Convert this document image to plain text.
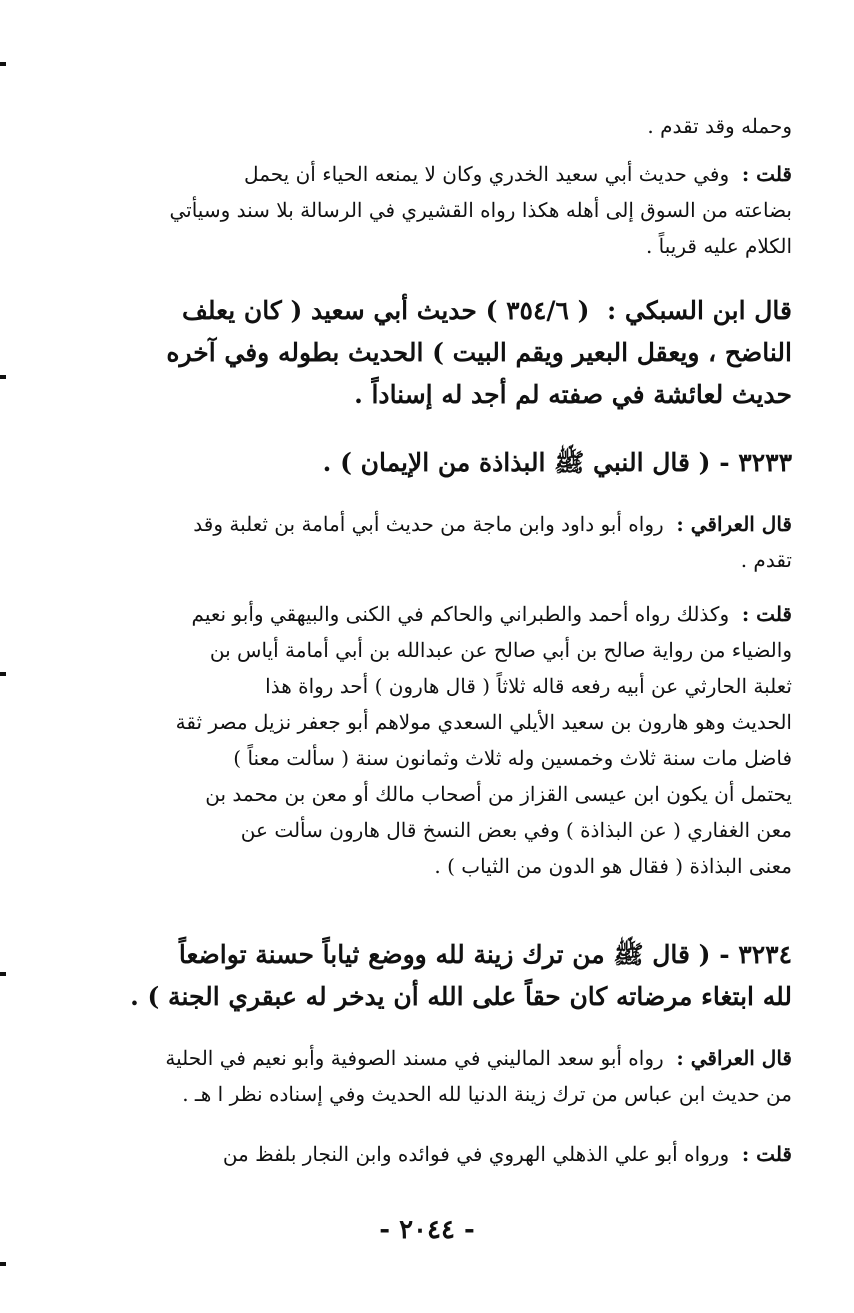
وحمله وقد تقدم .
قلت :  وفي حديث أبي سعيد الخدري وكان لا يمنعه الحياء أن يحمل
بضاعته من السوق إلى أهله هكذا رواه القشيري في الرسالة بلا سند وسيأتي
الكلام عليه قريباً .
قال ابن السبكي :  ( ٣٥٤/٦ ) حديث أبي سعيد ( كان يعلف
الناضح ، ويعقل البعير ويقم البيت ) الحديث بطوله وفي آخره
حديث لعائشة في صفته لم أجد له إسناداً .
٣٢٣٣ - ( قال النبي ﷺ البذاذة من الإيمان ) .
قال العراقي :  رواه أبو داود وابن ماجة من حديث أبي أمامة بن ثعلبة وقد
تقدم .
قلت :  وكذلك رواه أحمد والطبراني والحاكم في الكنى والبيهقي وأبو نعيم
والضياء من رواية صالح بن أبي صالح عن عبدالله بن أبي أمامة أياس بن
ثعلبة الحارثي عن أبيه رفعه قاله ثلاثاً ( قال هارون ) أحد رواة هذا
الحديث وهو هارون بن سعيد الأيلي السعدي مولاهم أبو جعفر نزيل مصر ثقة
فاضل مات سنة ثلاث وخمسين وله ثلاث وثمانون سنة ( سألت معناً )
يحتمل أن يكون ابن عيسى القزاز من أصحاب مالك أو معن بن محمد بن
معن الغفاري ( عن البذاذة ) وفي بعض النسخ قال هارون سألت عن
معنى البذاذة ( فقال هو الدون من الثياب ) .
٣٢٣٤ - ( قال ﷺ من ترك زينة لله ووضع ثياباً حسنة تواضعاً
لله ابتغاء مرضاته كان حقاً على الله أن يدخر له عبقري الجنة ) .
قال العراقي :  رواه أبو سعد الماليني في مسند الصوفية وأبو نعيم في الحلية
من حديث ابن عباس من ترك زينة الدنيا لله الحديث وفي إسناده نظر ا هـ .
قلت :  ورواه أبو علي الذهلي الهروي في فوائده وابن النجار بلفظ من
- ٢٠٤٤ -
